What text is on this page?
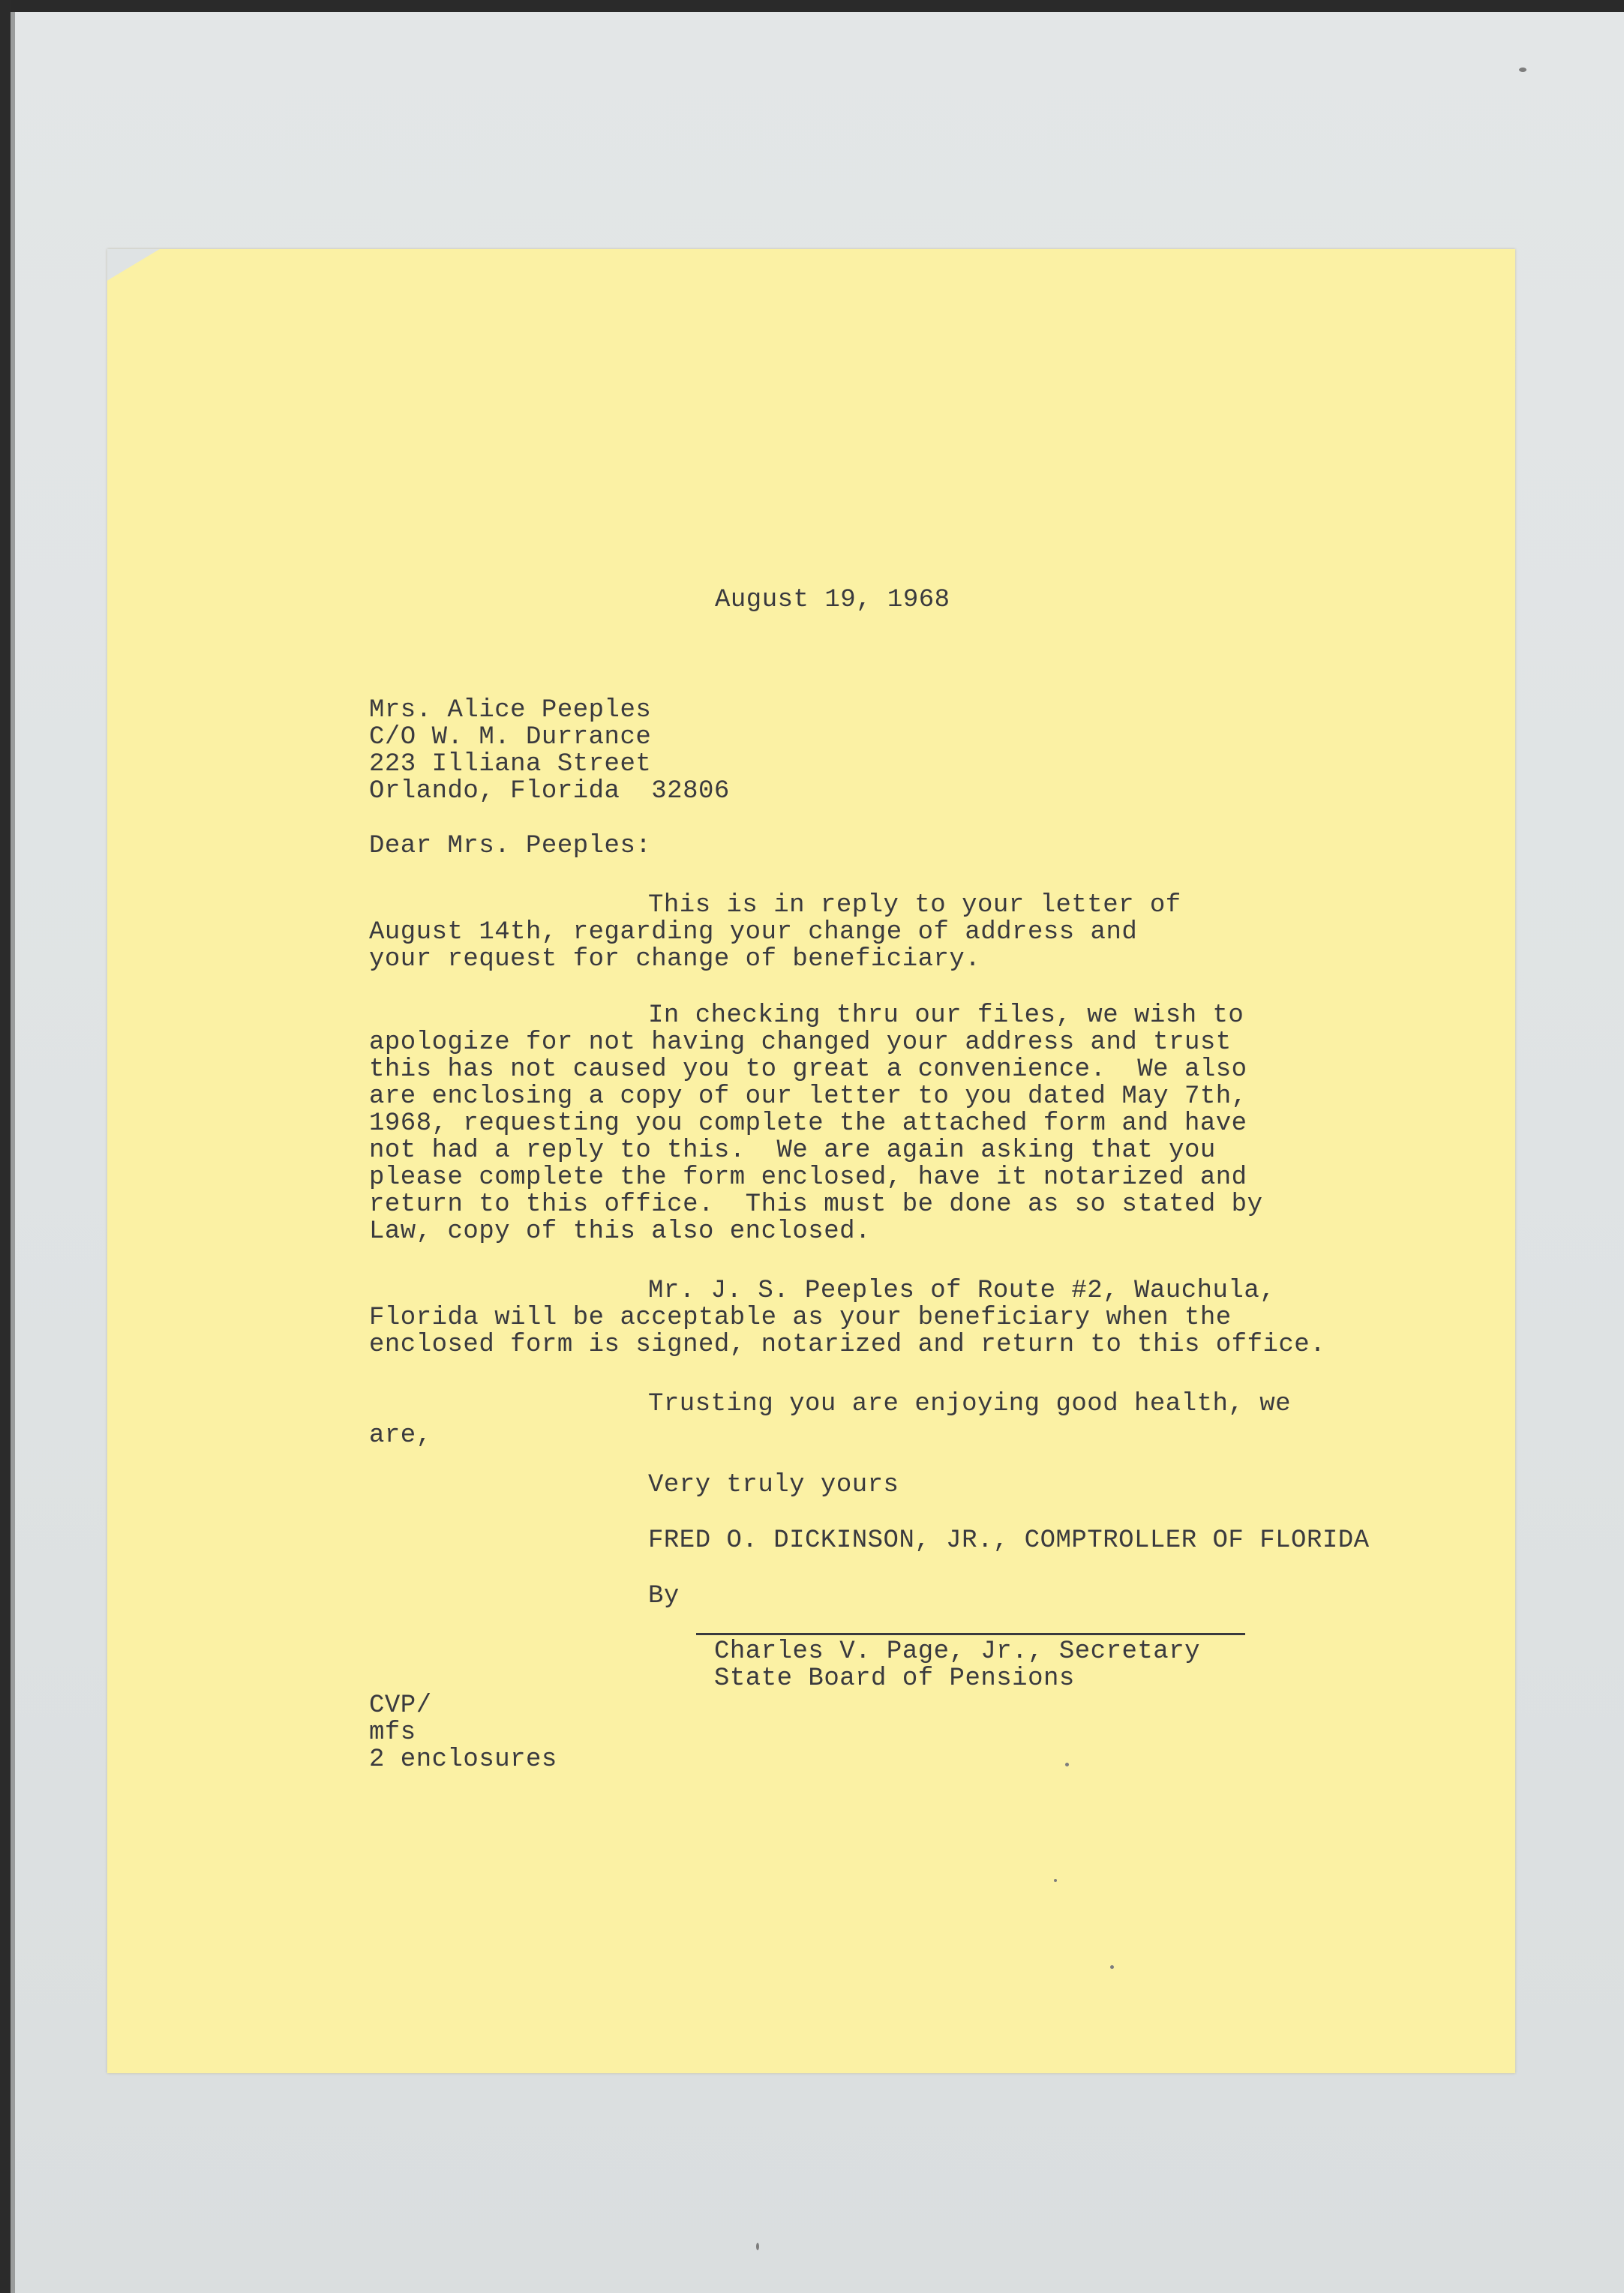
August 19, 1968
Mrs. Alice Peeples
C/O W. M. Durrance
223 Illiana Street
Orlando, Florida  32806
Dear Mrs. Peeples:
This is in reply to your letter of
August 14th, regarding your change of address and
your request for change of beneficiary.
In checking thru our files, we wish to
apologize for not having changed your address and trust
this has not caused you to great a convenience.  We also
are enclosing a copy of our letter to you dated May 7th,
1968, requesting you complete the attached form and have
not had a reply to this.  We are again asking that you
please complete the form enclosed, have it notarized and
return to this office.  This must be done as so stated by
Law, copy of this also enclosed.
Mr. J. S. Peeples of Route #2, Wauchula,
Florida will be acceptable as your beneficiary when the
enclosed form is signed, notarized and return to this office.
Trusting you are enjoying good health, we
are,
Very truly yours
FRED O. DICKINSON, JR., COMPTROLLER OF FLORIDA
By
Charles V. Page, Jr., Secretary
State Board of Pensions
CVP/
mfs
2 enclosures
